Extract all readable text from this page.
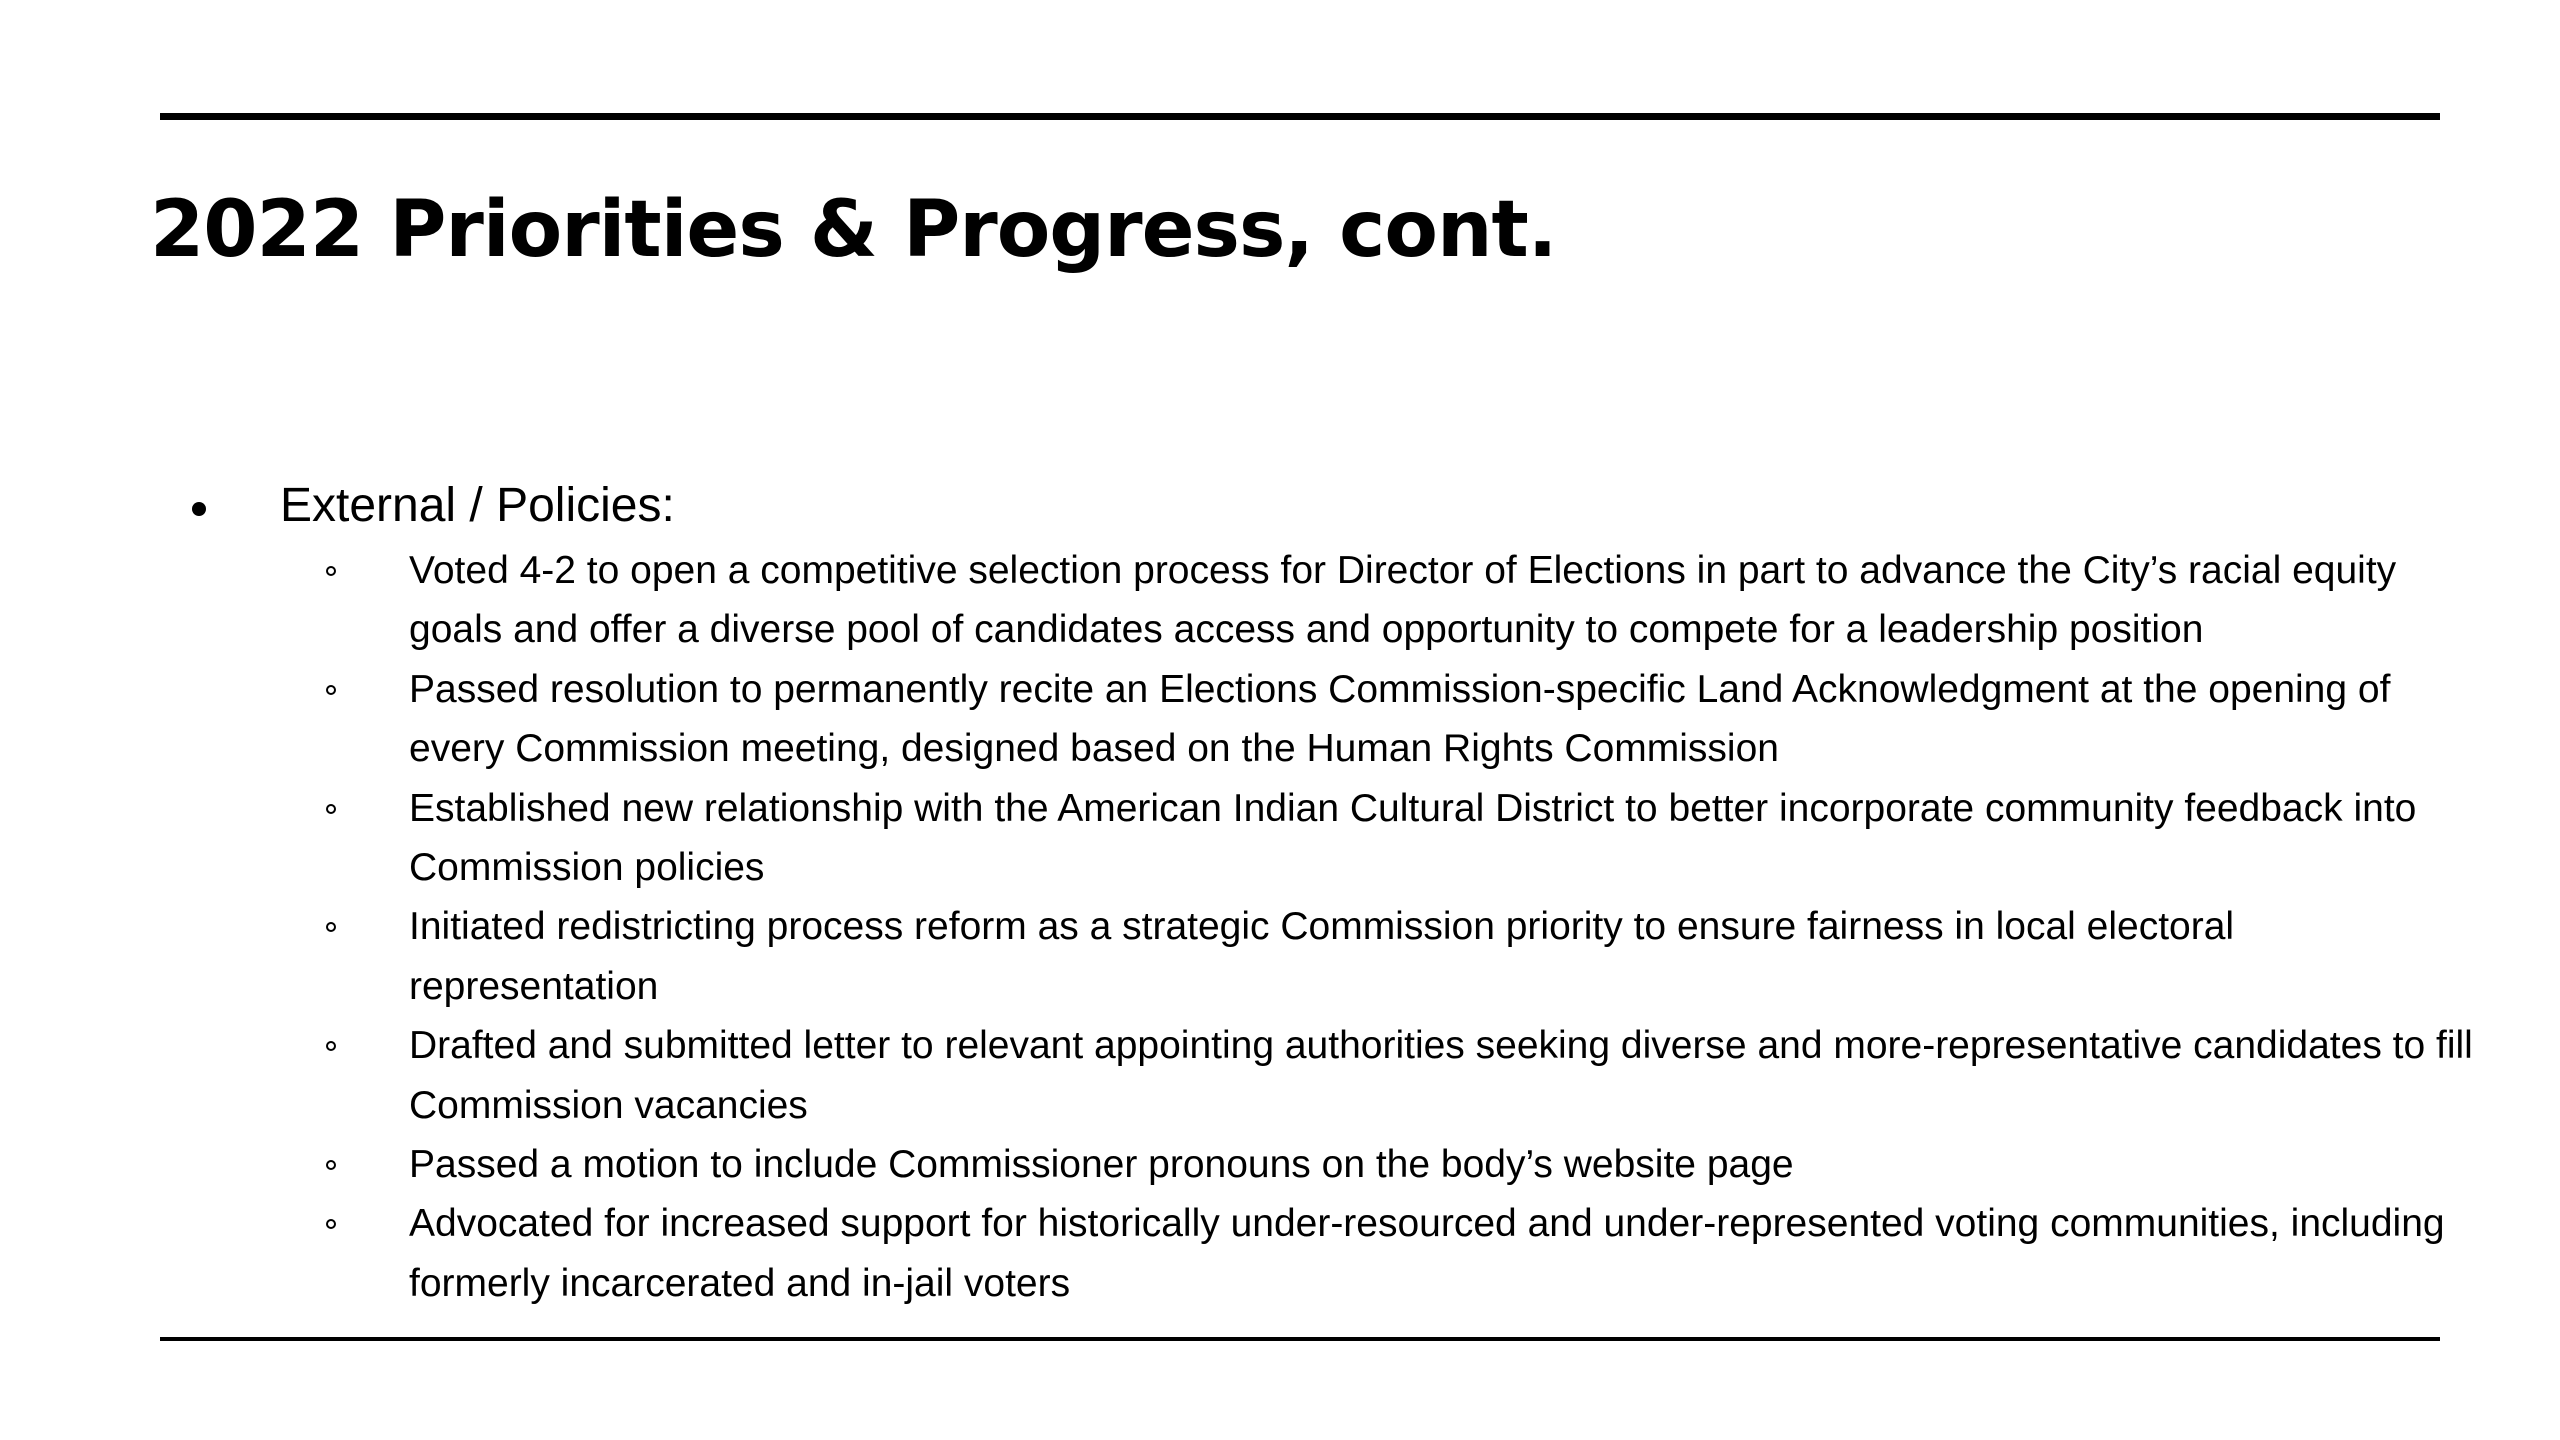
2022 Priorities & Progress, cont.
External / Policies:
Voted 4-2 to open a competitive selection process for Director of Elections in part to advance the City’s racial equity goals and offer a diverse pool of candidates access and opportunity to compete for a leadership position
Passed resolution to permanently recite an Elections Commission-specific Land Acknowledgment at the opening of every Commission meeting, designed based on the Human Rights Commission
Established new relationship with the American Indian Cultural District to better incorporate community feedback into Commission policies
Initiated redistricting process reform as a strategic Commission priority to ensure fairness in local electoral representation
Drafted and submitted letter to relevant appointing authorities seeking diverse and more-representative candidates to fill Commission vacancies
Passed a motion to include Commissioner pronouns on the body’s website page
Advocated for increased support for historically under-resourced and under-represented voting communities, including formerly incarcerated and in-jail voters
